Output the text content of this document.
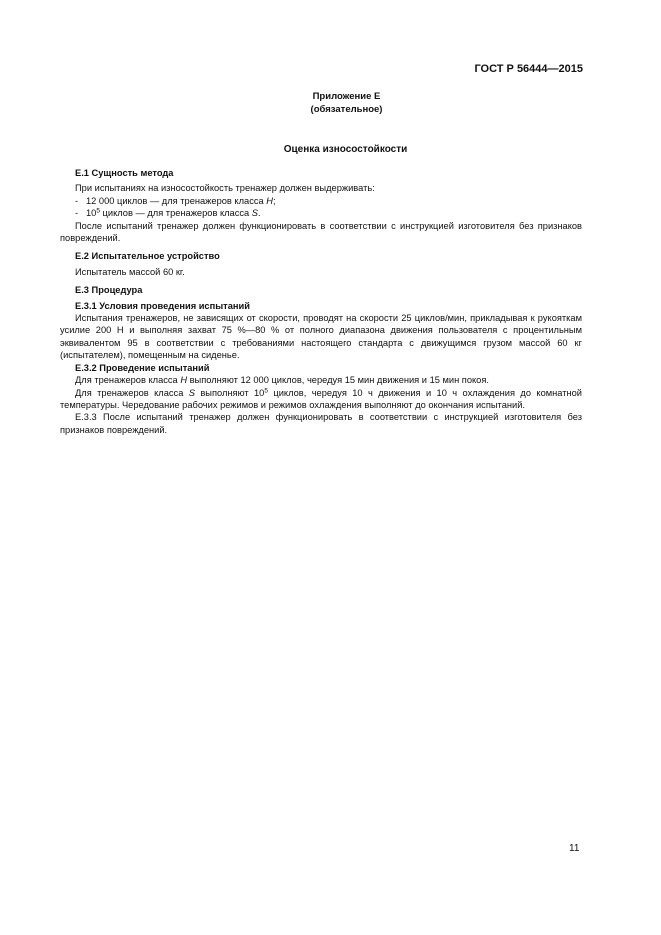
ГОСТ Р 56444—2015
Приложение Е
(обязательное)
Оценка износостойкости
Е.1 Сущность метода

При испытаниях на износостойкость тренажер должен выдерживать:

- 12 000 циклов — для тренажеров класса Н;
- $10^5$ циклов — для тренажеров класса S.

После испытаний тренажер должен функционировать в соответствии с инструкцией изготовителя без признаков повреждений.

Е.2 Испытательное устройство

Испытатель массой 60 кг.

Е.3 Процедура
Е.3.1 Условия проведения испытаний

Испытания тренажеров, не зависящих от скорости, проводят на скорости 25 циклов/мин, прикладывая к рукояткам усилие 200 Н и выполняя захват 75 %—80 % от полного диапазона движения пользователя с процентильным эквивалентом 95 в соответствии с требованиями настоящего стандарта с движущимся грузом массой 60 кг (испытателем), помещенным на сиденье.

Е.3.2 Проведение испытаний

Для тренажеров класса Н выполняют 12 000 циклов, чередуя 15 мин движения и 15 мин покоя.

Для тренажеров класса S выполняют $10^5$ циклов, чередуя 10 ч движения и 10 ч охлаждения до комнатной температуры. Чередование рабочих режимов и режимов охлаждения выполняют до окончания испытаний.

Е.3.3 После испытаний тренажер должен функционировать в соответствии с инструкцией изготовителя без признаков повреждений.

11
